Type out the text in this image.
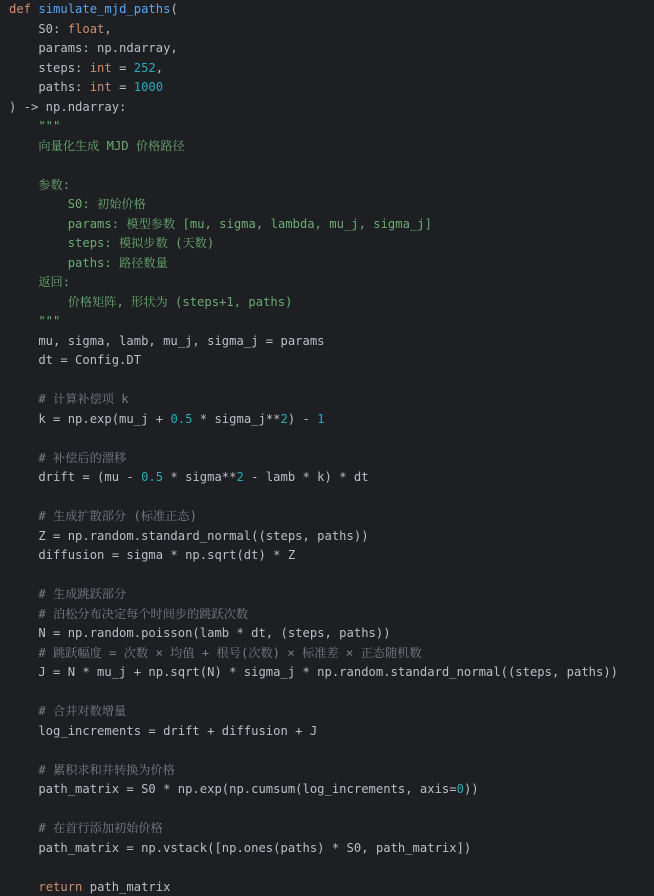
def simulate_mjd_paths(
S0: float,
params: np.ndarray,
steps: int = 252,
paths: int = 1000
) -> np.ndarray:
"""
向量化生成 MJD 价格路径
参数:
S0: 初始价格
params: 模型参数 [mu, sigma, lambda, mu_j, sigma_j]
steps: 模拟步数 (天数)
paths: 路径数量
返回:
价格矩阵, 形状为 (steps+1, paths)
"""
mu, sigma, lamb, mu_j, sigma_j = params
dt = Config.DT
# 计算补偿项 k
k = np.exp(mu_j + 0.5 * sigma_j**2) - 1
# 补偿后的漂移
drift = (mu - 0.5 * sigma**2 - lamb * k) * dt
# 生成扩散部分 (标准正态)
Z = np.random.standard_normal((steps, paths))
diffusion = sigma * np.sqrt(dt) * Z
# 生成跳跃部分
# 泊松分布决定每个时间步的跳跃次数
N = np.random.poisson(lamb * dt, (steps, paths))
# 跳跃幅度 = 次数 × 均值 + 根号(次数) × 标准差 × 正态随机数
J = N * mu_j + np.sqrt(N) * sigma_j * np.random.standard_normal((steps, paths))
# 合并对数增量
log_increments = drift + diffusion + J
# 累积求和并转换为价格
path_matrix = S0 * np.exp(np.cumsum(log_increments, axis=0))
# 在首行添加初始价格
path_matrix = np.vstack([np.ones(paths) * S0, path_matrix])
return path_matrix
